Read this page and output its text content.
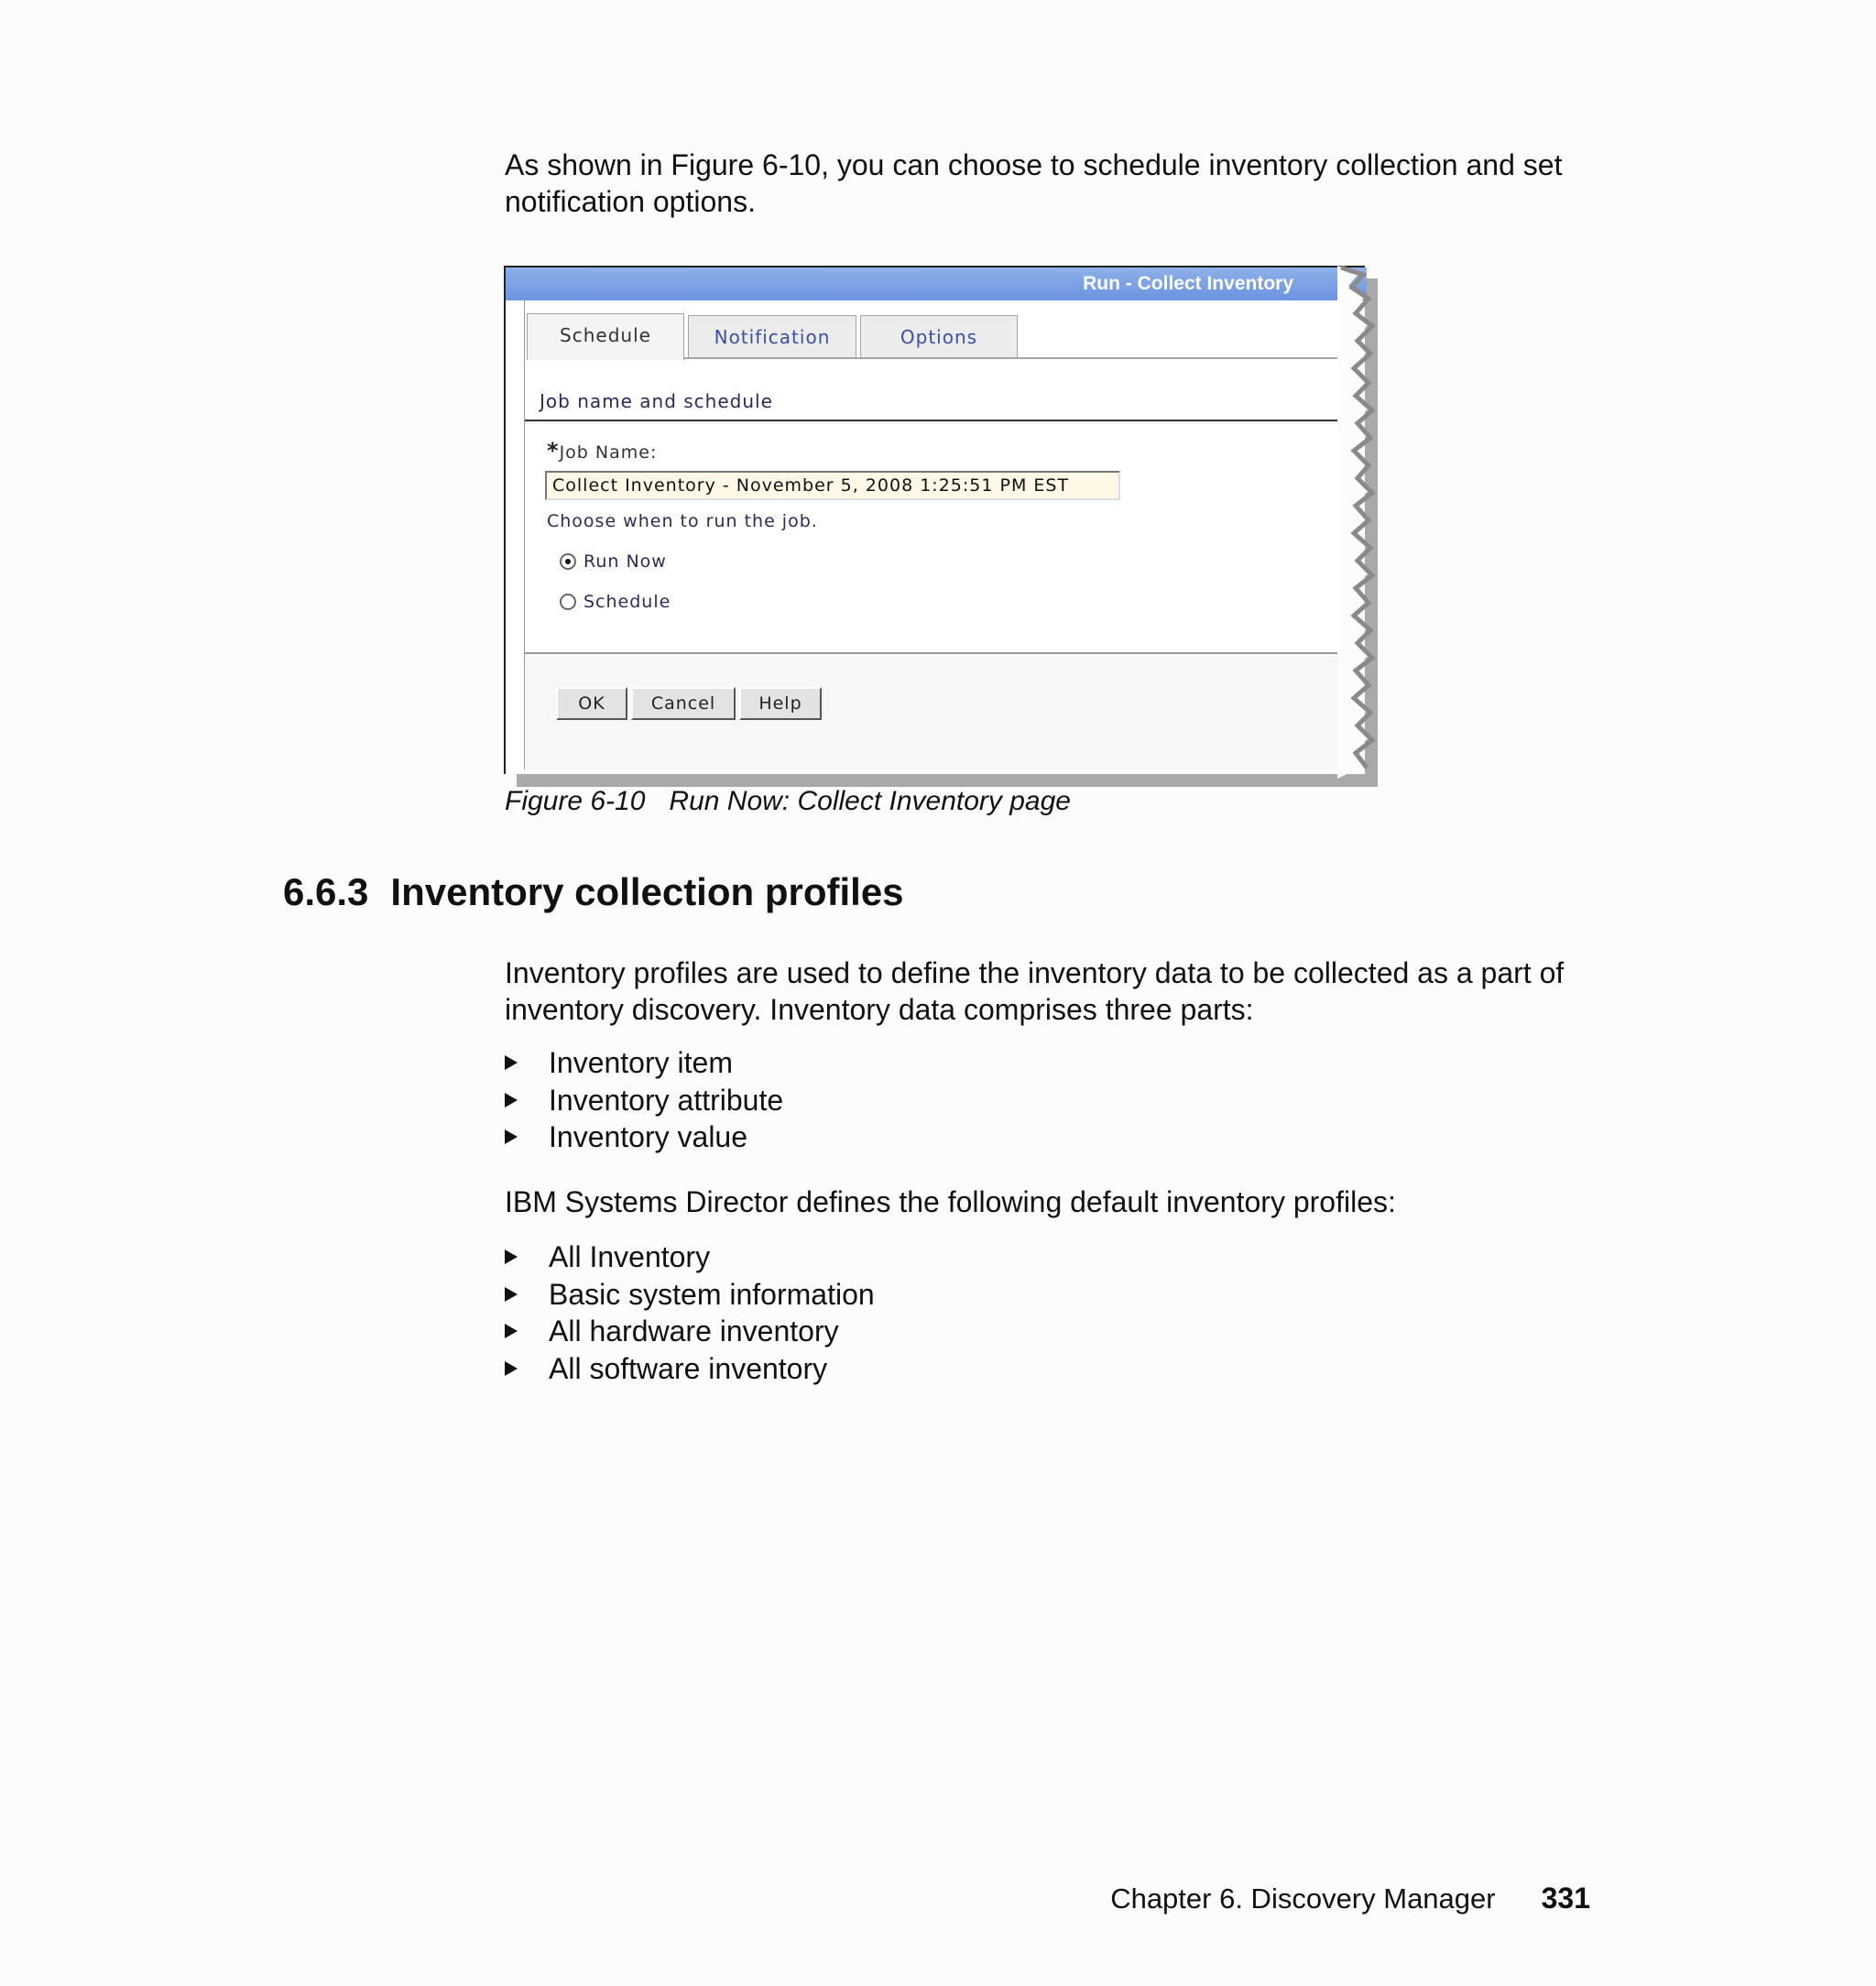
As shown in Figure 6-10, you can choose to schedule inventory collection and set notification options.

Run - Collect Inventory
Schedule	Notification	Options
Job name and schedule
*Job Name:
Collect Inventory - November 5, 2008 1:25:51 PM EST
Choose when to run the job.
Run Now
Schedule
OK	Cancel	Help

Figure 6-10 Run Now: Collect Inventory page

6.6.3 Inventory collection profiles

Inventory profiles are used to define the inventory data to be collected as a part of inventory discovery. Inventory data comprises three parts:

Inventory item
Inventory attribute
Inventory value

IBM Systems Director defines the following default inventory profiles:

All Inventory
Basic system information
All hardware inventory
All software inventory
Chapter 6. Discovery Manager 331
